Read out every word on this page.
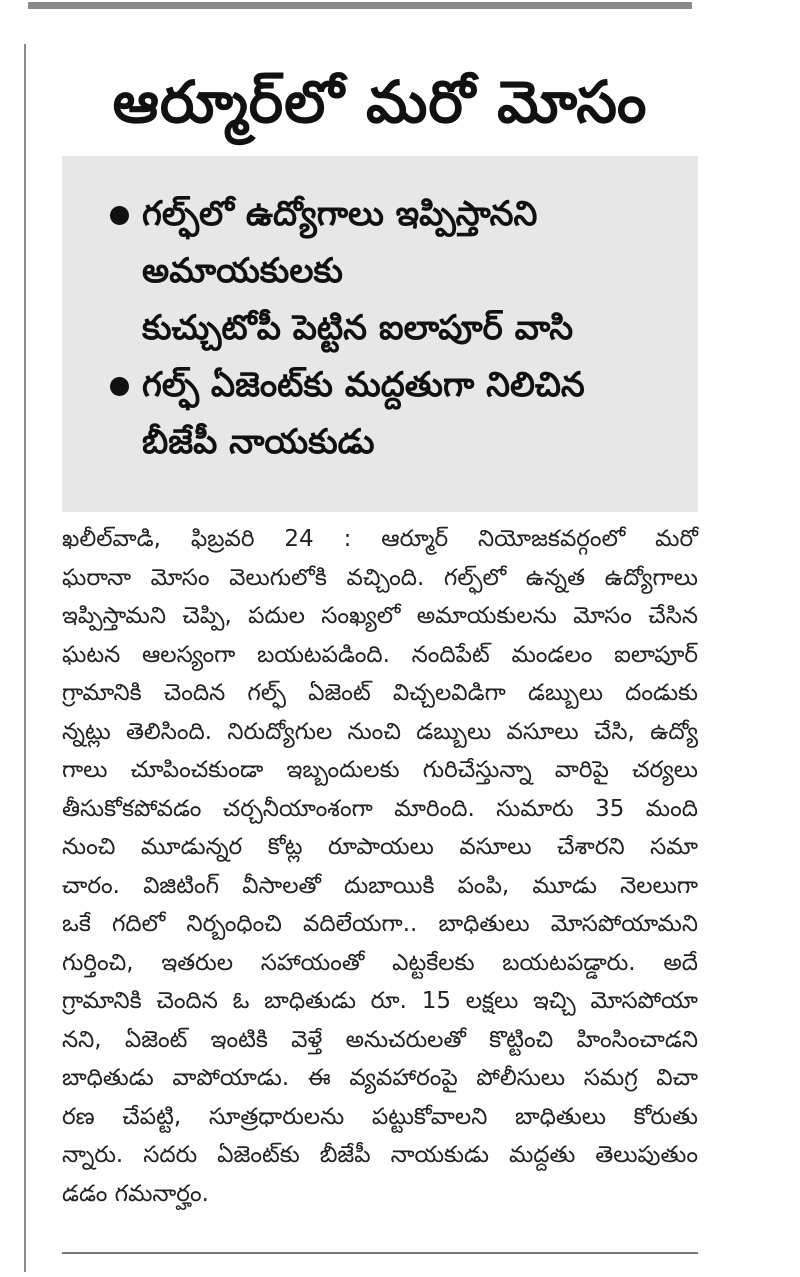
ఆర్మూర్‌లో మరో మోసం
గల్ఫ్‌లో ఉద్యోగాలు ఇప్పిస్తానని
అమాయకులకు
కుచ్చుటోపీ పెట్టిన ఐలాపూర్ వాసి
గల్ఫ్ ఏజెంట్‌కు మద్దతుగా నిలిచిన
బీజేపీ నాయకుడు
ఖలీల్‌వాడి, ఫిబ్రవరి 24 : ఆర్మూర్ నియోజకవర్గంలో మరో
ఘరానా మోసం వెలుగులోకి వచ్చింది. గల్ఫ్‌లో ఉన్నత ఉద్యోగాలు
ఇప్పిస్తామని చెప్పి, పదుల సంఖ్యలో అమాయకులను మోసం చేసిన
ఘటన ఆలస్యంగా బయటపడింది. నందిపేట్ మండలం ఐలాపూర్
గ్రామానికి చెందిన గల్ఫ్ ఏజెంట్ విచ్చలవిడిగా డబ్బులు దండుకు
న్నట్లు తెలిసింది. నిరుద్యోగుల నుంచి డబ్బులు వసూలు చేసి, ఉద్యో
గాలు చూపించకుండా ఇబ్బందులకు గురిచేస్తున్నా వారిపై చర్యలు
తీసుకోకపోవడం చర్చనీయాంశంగా మారింది. సుమారు 35 మంది
నుంచి మూడున్నర కోట్ల రూపాయలు వసూలు చేశారని సమా
చారం. విజిటింగ్ వీసాలతో దుబాయికి పంపి, మూడు నెలలుగా
ఒకే గదిలో నిర్బంధించి వదిలేయగా.. బాధితులు మోసపోయామని
గుర్తించి, ఇతరుల సహాయంతో ఎట్టకేలకు బయటపడ్డారు. అదే
గ్రామానికి చెందిన ఓ బాధితుడు రూ. 15 లక్షలు ఇచ్చి మోసపోయా
నని, ఏజెంట్ ఇంటికి వెళ్తే అనుచరులతో కొట్టించి హింసించాడని
బాధితుడు వాపోయాడు. ఈ వ్యవహారంపై పోలీసులు సమగ్ర విచా
రణ చేపట్టి, సూత్రధారులను పట్టుకోవాలని బాధితులు కోరుతు
న్నారు. సదరు ఏజెంట్‌కు బీజేపీ నాయకుడు మద్దతు తెలుపుతుం
డడం గమనార్హం.
